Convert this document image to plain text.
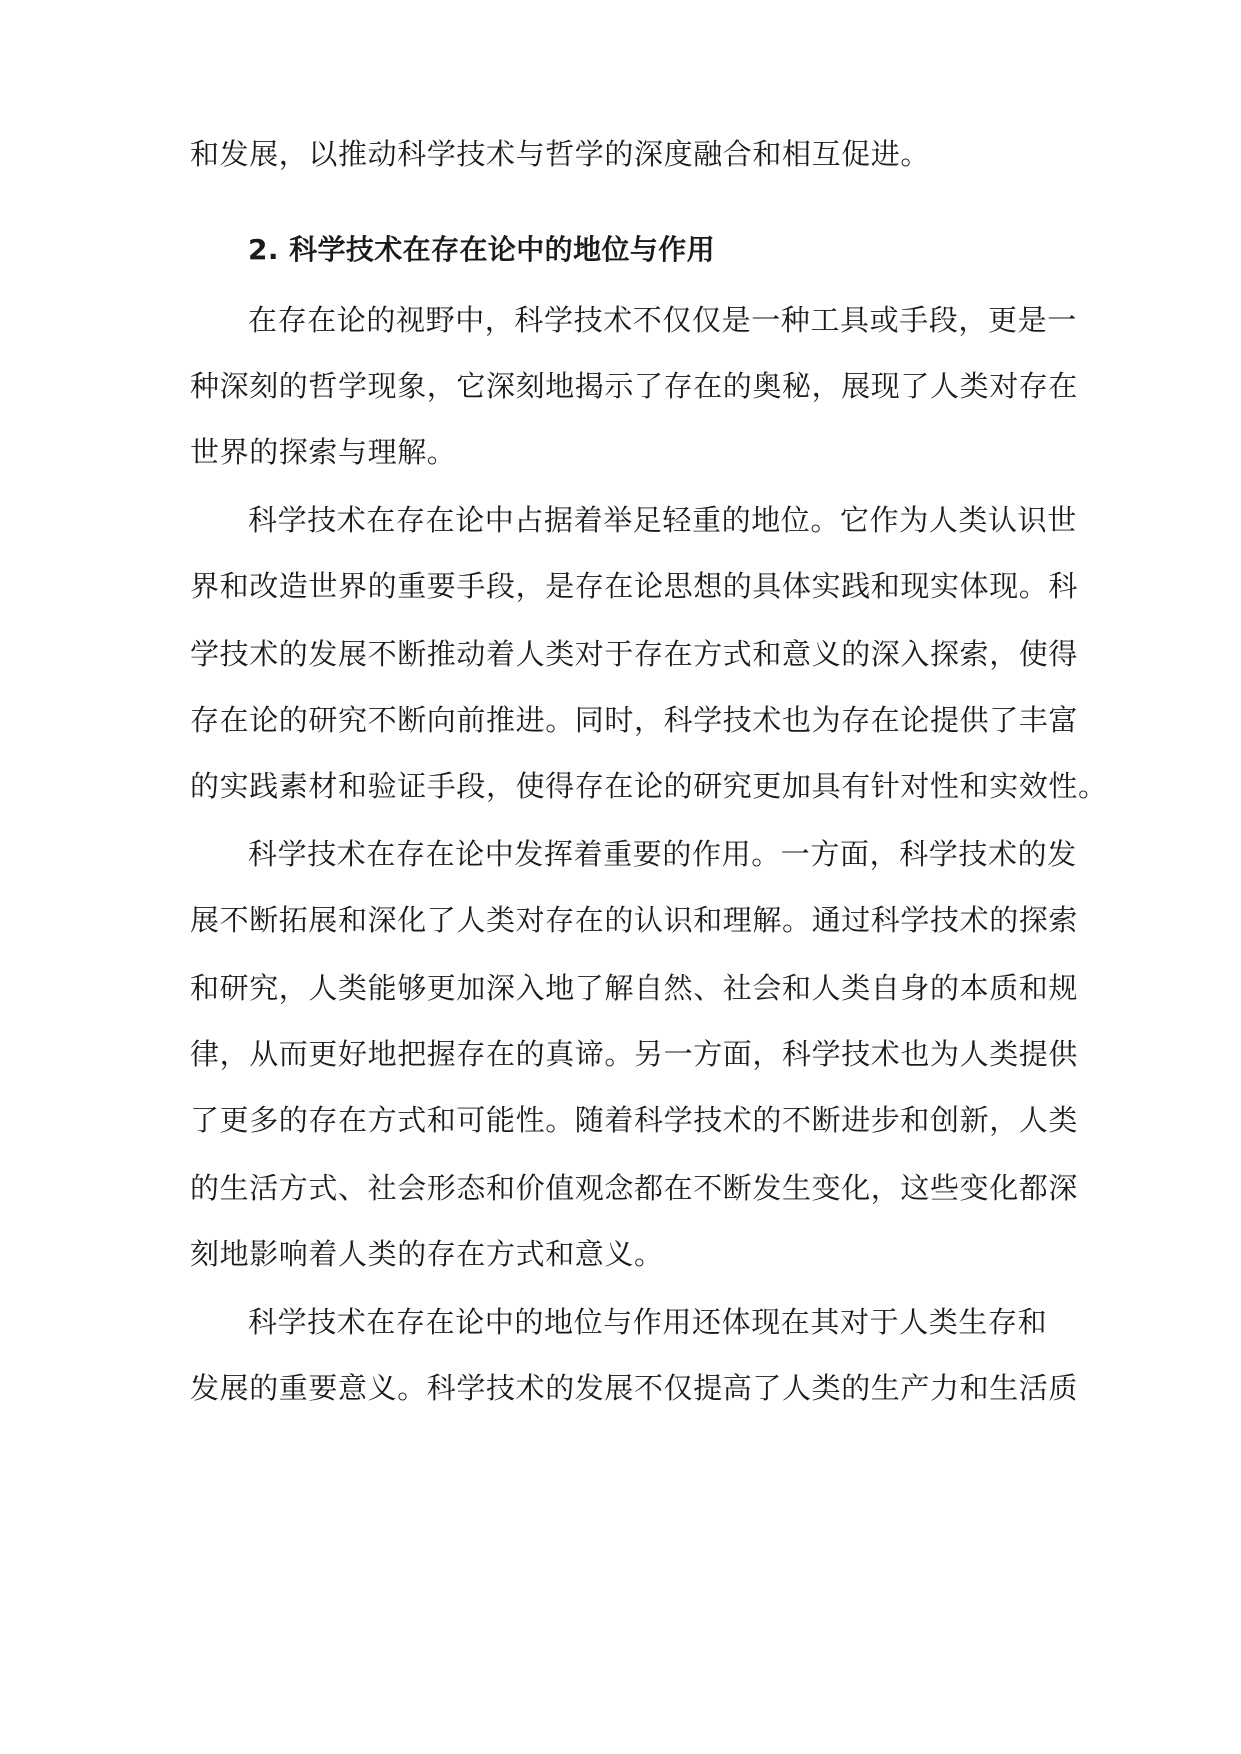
和发展，以推动科学技术与哲学的深度融合和相互促进。
2. 科学技术在存在论中的地位与作用
在存在论的视野中，科学技术不仅仅是一种工具或手段，更是一
种深刻的哲学现象，它深刻地揭示了存在的奥秘，展现了人类对存在
世界的探索与理解。
科学技术在存在论中占据着举足轻重的地位。它作为人类认识世
界和改造世界的重要手段，是存在论思想的具体实践和现实体现。科
学技术的发展不断推动着人类对于存在方式和意义的深入探索，使得
存在论的研究不断向前推进。同时，科学技术也为存在论提供了丰富
的实践素材和验证手段，使得存在论的研究更加具有针对性和实效性。
科学技术在存在论中发挥着重要的作用。一方面，科学技术的发
展不断拓展和深化了人类对存在的认识和理解。通过科学技术的探索
和研究，人类能够更加深入地了解自然、社会和人类自身的本质和规
律，从而更好地把握存在的真谛。另一方面，科学技术也为人类提供
了更多的存在方式和可能性。随着科学技术的不断进步和创新，人类
的生活方式、社会形态和价值观念都在不断发生变化，这些变化都深
刻地影响着人类的存在方式和意义。
科学技术在存在论中的地位与作用还体现在其对于人类生存和
发展的重要意义。科学技术的发展不仅提高了人类的生产力和生活质
